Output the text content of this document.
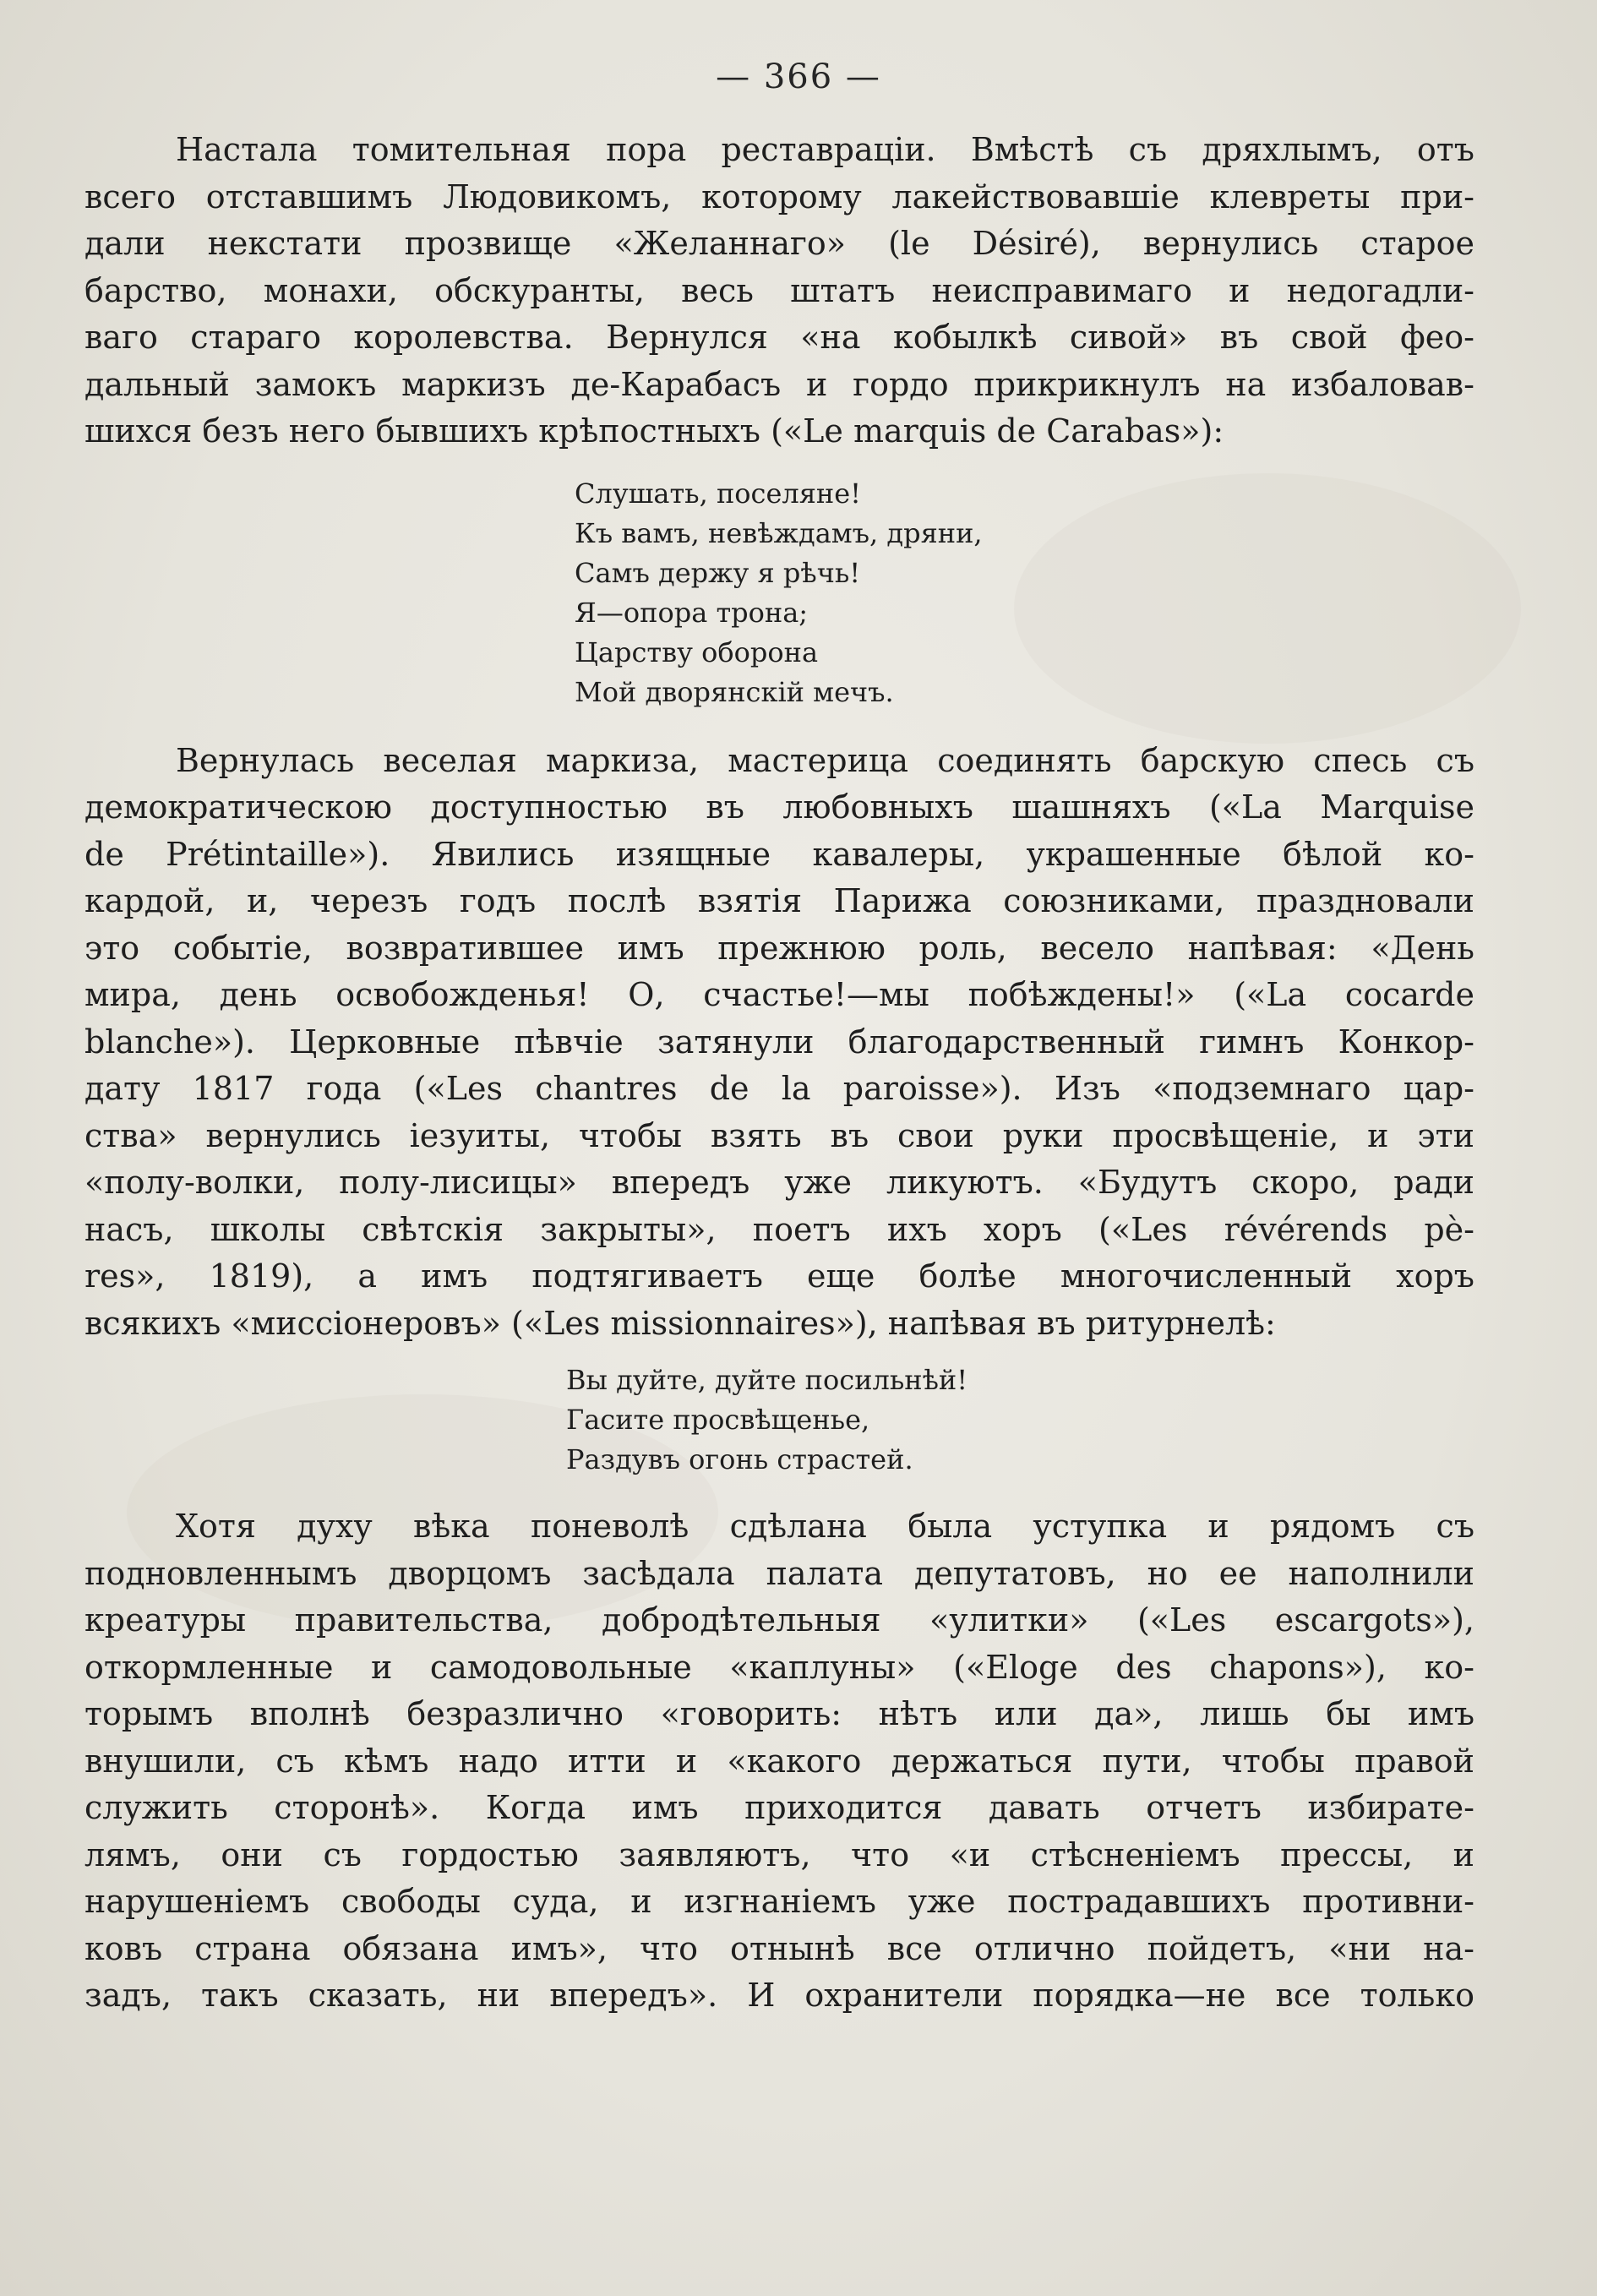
— 366 —
Настала томительная пора реставраціи. Вмѣстѣ съ дряхлымъ, отъ
всего отставшимъ Людовикомъ, которому лакействовавшіе клевреты при-
дали некстати прозвище «Желаннаго» (le Désiré), вернулись старое
барство, монахи, обскуранты, весь штатъ неисправимаго и недогадли-
ваго стараго королевства. Вернулся «на кобылкѣ сивой» въ свой фео-
дальный замокъ маркизъ де-Карабасъ и гордо прикрикнулъ на избаловав-
шихся безъ него бывшихъ крѣпостныхъ («Le marquis de Carabas»):
Слушать, поселяне!
Къ вамъ, невѣждамъ, дряни,
Самъ держу я рѣчь!
Я—опора трона;
Царству оборона
Мой дворянскій мечъ.
Вернулась веселая маркиза, мастерица соединять барскую спесь съ
демократическою доступностью въ любовныхъ шашняхъ («La Marquise
de Prétintaille»). Явились изящные кавалеры, украшенные бѣлой ко-
кардой, и, черезъ годъ послѣ взятія Парижа союзниками, праздновали
это событіе, возвратившее имъ прежнюю роль, весело напѣвая: «День
мира, день освобожденья! О, счастье!—мы побѣждены!» («La cocarde
blanche»). Церковные пѣвчіе затянули благодарственный гимнъ Конкор-
дату 1817 года («Les chantres de la paroisse»). Изъ «подземнаго цар-
ства» вернулись іезуиты, чтобы взять въ свои руки просвѣщеніе, и эти
«полу-волки, полу-лисицы» впередъ уже ликуютъ. «Будутъ скоро, ради
насъ, школы свѣтскія закрыты», поетъ ихъ хоръ («Les révérends pè-
res», 1819), а имъ подтягиваетъ еще болѣе многочисленный хоръ
всякихъ «миссіонеровъ» («Les missionnaires»), напѣвая въ ритурнелѣ:
Вы дуйте, дуйте посильнѣй!
Гасите просвѣщенье,
Раздувъ огонь страстей.
Хотя духу вѣка поневолѣ сдѣлана была уступка и рядомъ съ
подновленнымъ дворцомъ засѣдала палата депутатовъ, но ее наполнили
креатуры правительства, добродѣтельныя «улитки» («Les escargots»),
откормленные и самодовольные «каплуны» («Eloge des chapons»), ко-
торымъ вполнѣ безразлично «говорить: нѣтъ или да», лишь бы имъ
внушили, съ кѣмъ надо итти и «какого держаться пути, чтобы правой
служить сторонѣ». Когда имъ приходится давать отчетъ избирате-
лямъ, они съ гордостью заявляютъ, что «и стѣсненіемъ прессы, и
нарушеніемъ свободы суда, и изгнаніемъ уже пострадавшихъ противни-
ковъ страна обязана имъ», что отнынѣ все отлично пойдетъ, «ни на-
задъ, такъ сказать, ни впередъ». И охранители порядка—не все только
